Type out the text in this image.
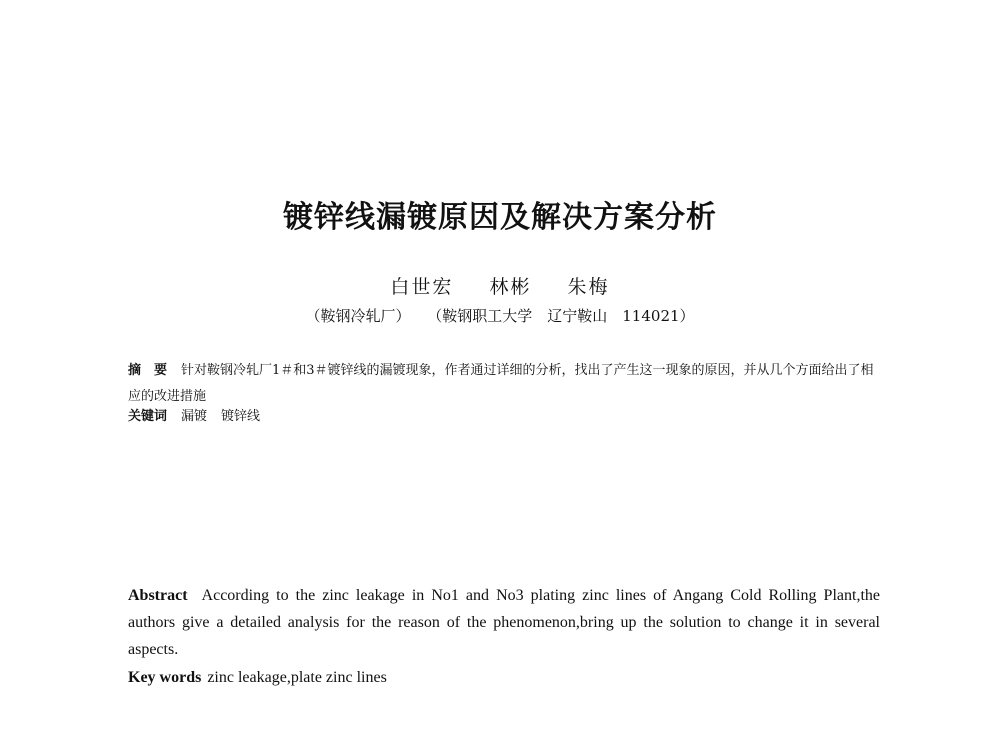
镀锌线漏镀原因及解决方案分析
白世宏 林彬 朱梅
（鞍钢冷轧厂） （鞍钢职工大学　辽宁鞍山　114021）
摘　要 针对鞍钢冷轧厂1＃和3＃镀锌线的漏镀现象，作者通过详细的分析，找出了产生这一现象的原因，并从几个方面给出了相应的改进措施
关键词 漏镀 镀锌线
Abstract According to the zinc leakage in No1 and No3 plating zinc lines of Angang Cold Rolling Plant,the authors give a detailed analysis for the reason of the phenomenon,bring up the solution to change it in several aspects.
Key words zinc leakage,plate zinc lines
